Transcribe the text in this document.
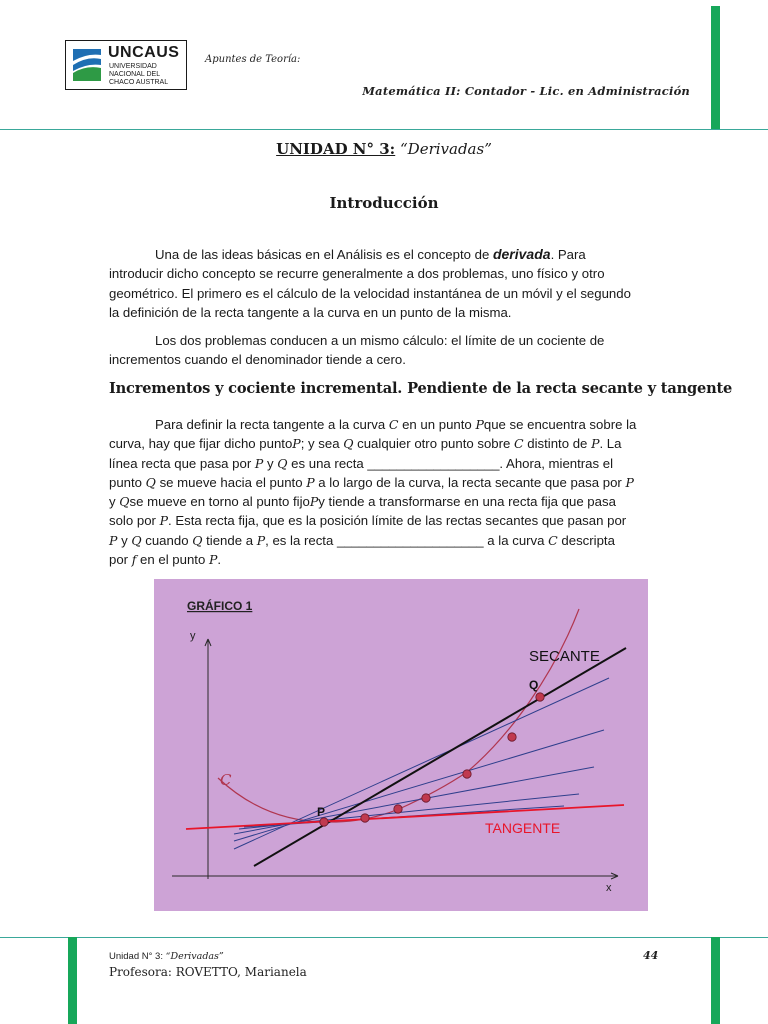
UNCAUS
UNIVERSIDAD
NACIONAL DEL
CHACO AUSTRAL
Apuntes de Teoría:
Matemática II: Contador - Lic. en Administración
UNIDAD N° 3: “Derivadas”
Introducción
Una de las ideas básicas en el Análisis es el concepto de derivada. Para introducir dicho concepto se recurre generalmente a dos problemas, uno físico y otro geométrico. El primero es el cálculo de la velocidad instantánea de un móvil y el segundo la definición de la recta tangente a la curva en un punto de la misma.
Los dos problemas conducen a un mismo cálculo: el límite de un cociente de incrementos cuando el denominador tiende a cero.
Incrementos y cociente incremental. Pendiente de la recta secante y tangente
Para definir la recta tangente a la curva C en un punto Pque se encuentra sobre la curva, hay que fijar dicho puntoP; y sea Q cualquier otro punto sobre C distinto de P. La línea recta que pasa por P y Q es una recta __________________. Ahora, mientras el punto Q se mueve hacia el punto P a lo largo de la curva, la recta secante que pasa por P y Qse mueve en torno al punto fijoPy tiende a transformarse en una recta fija que pasa solo por P. Esta recta fija, que es la posición límite de las rectas secantes que pasan por P y Q cuando Q tiende a P, es la recta ____________________ a la curva C descripta por f en el punto P.
GRÁFICO 1
y
x
C
P
Q
SECANTE
TANGENTE
Unidad N° 3: “Derivadas”
Profesora: ROVETTO, Marianela
44
